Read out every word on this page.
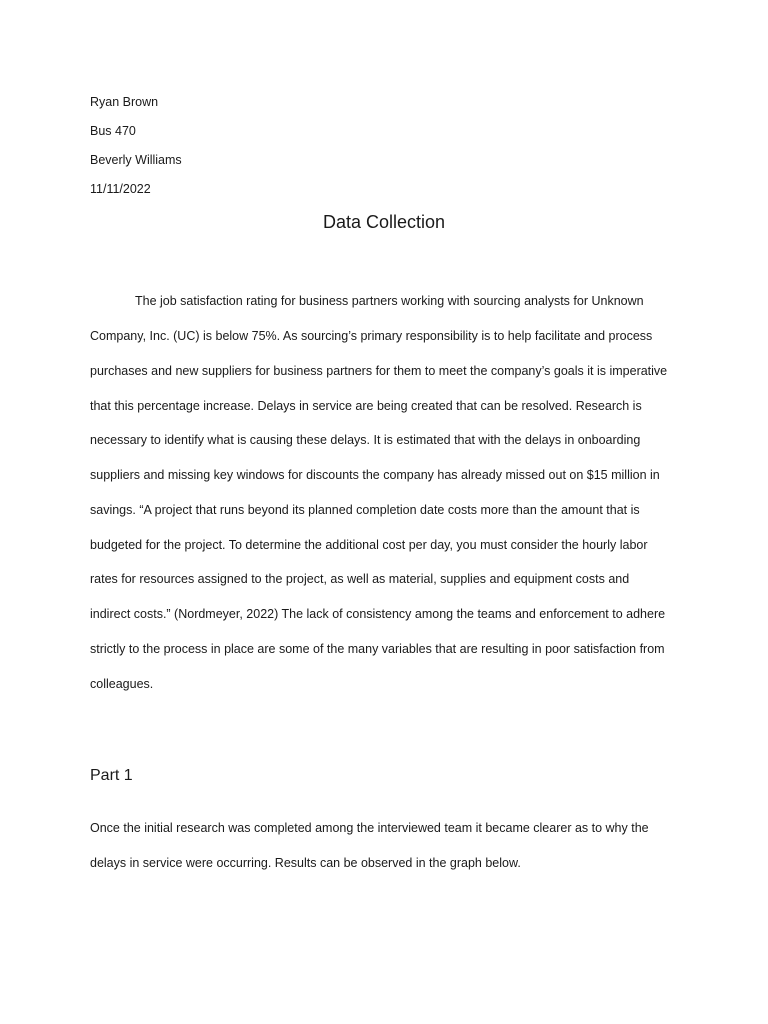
Ryan Brown
Bus 470
Beverly Williams
11/11/2022
Data Collection
The job satisfaction rating for business partners working with sourcing analysts for Unknown
Company, Inc. (UC) is below 75%. As sourcing’s primary responsibility is to help facilitate and process
purchases and new suppliers for business partners for them to meet the company’s goals it is imperative
that this percentage increase. Delays in service are being created that can be resolved. Research is
necessary to identify what is causing these delays. It is estimated that with the delays in onboarding
suppliers and missing key windows for discounts the company has already missed out on $15 million in
savings. “A project that runs beyond its planned completion date costs more than the amount that is
budgeted for the project. To determine the additional cost per day, you must consider the hourly labor
rates for resources assigned to the project, as well as material, supplies and equipment costs and
indirect costs.” (Nordmeyer, 2022) The lack of consistency among the teams and enforcement to adhere
strictly to the process in place are some of the many variables that are resulting in poor satisfaction from
colleagues.
Part 1
Once the initial research was completed among the interviewed team it became clearer as to why the
delays in service were occurring. Results can be observed in the graph below.
